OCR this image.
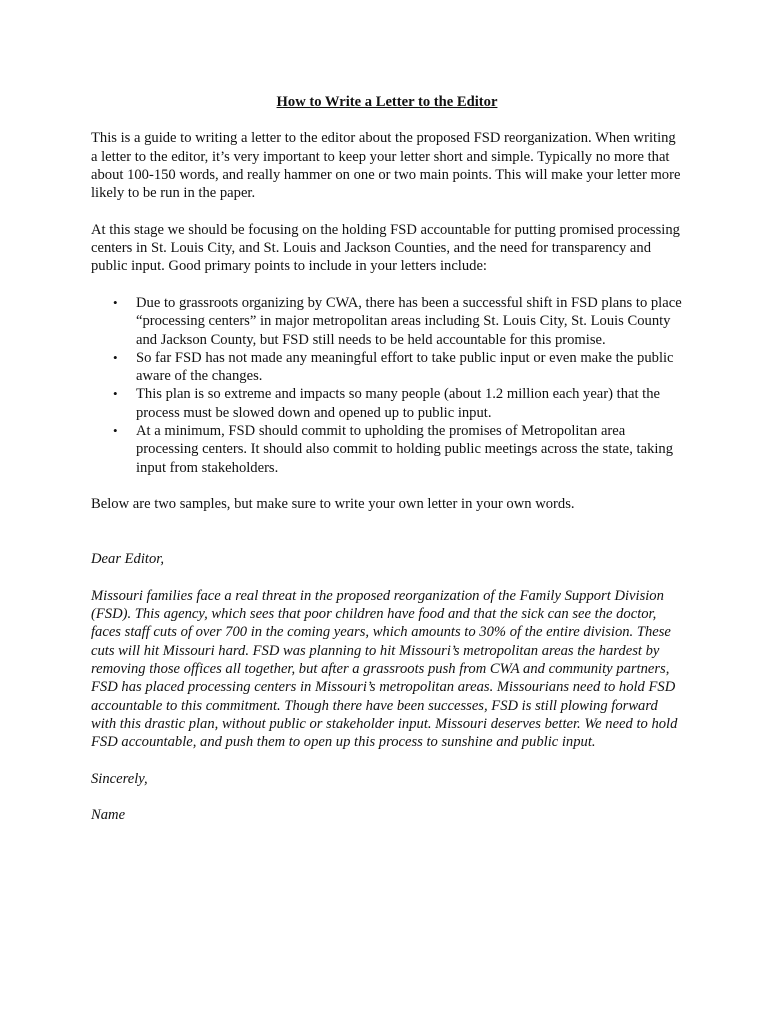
How to Write a Letter to the Editor

This is a guide to writing a letter to the editor about the proposed FSD reorganization. When writing a letter to the editor, it’s very important to keep your letter short and simple. Typically no more that about 100-150 words, and really hammer on one or two main points. This will make your letter more likely to be run in the paper.

At this stage we should be focusing on the holding FSD accountable for putting promised processing centers in St. Louis City, and St. Louis and Jackson Counties, and the need for transparency and public input. Good primary points to include in your letters include:

• Due to grassroots organizing by CWA, there has been a successful shift in FSD plans to place “processing centers” in major metropolitan areas including St. Louis City, St. Louis County and Jackson County, but FSD still needs to be held accountable for this promise.
• So far FSD has not made any meaningful effort to take public input or even make the public aware of the changes.
• This plan is so extreme and impacts so many people (about 1.2 million each year) that the process must be slowed down and opened up to public input.
• At a minimum, FSD should commit to upholding the promises of Metropolitan area processing centers. It should also commit to holding public meetings across the state, taking input from stakeholders.

Below are two samples, but make sure to write your own letter in your own words.

Dear Editor,

Missouri families face a real threat in the proposed reorganization of the Family Support Division (FSD). This agency, which sees that poor children have food and that the sick can see the doctor, faces staff cuts of over 700 in the coming years, which amounts to 30% of the entire division. These cuts will hit Missouri hard. FSD was planning to hit Missouri’s metropolitan areas the hardest by removing those offices all together, but after a grassroots push from CWA and community partners, FSD has placed processing centers in Missouri’s metropolitan areas. Missourians need to hold FSD accountable to this commitment. Though there have been successes, FSD is still plowing forward with this drastic plan, without public or stakeholder input. Missouri deserves better. We need to hold FSD accountable, and push them to open up this process to sunshine and public input.

Sincerely,

Name
